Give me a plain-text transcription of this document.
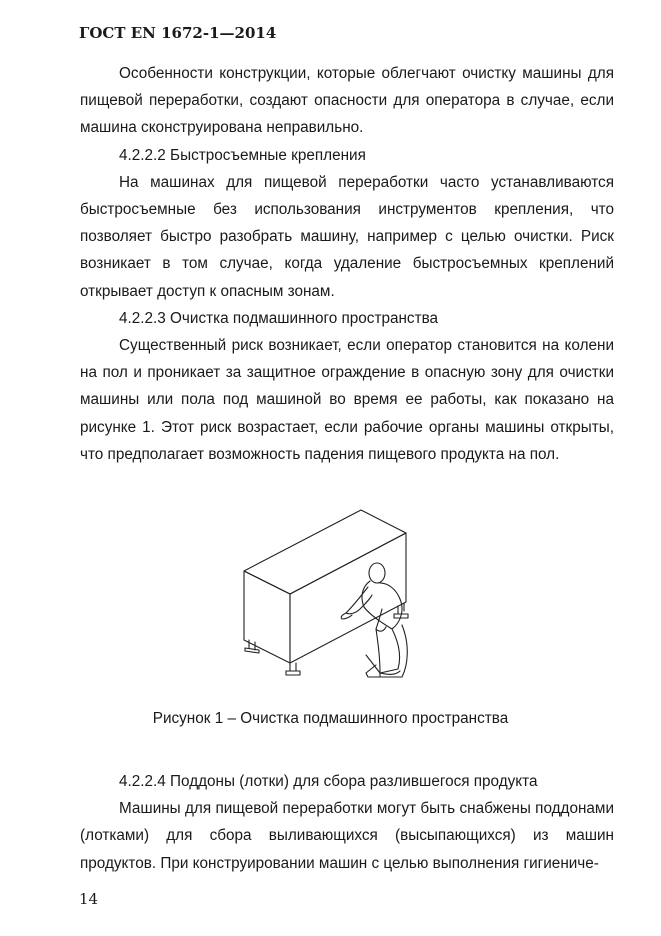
ГОСТ EN 1672-1—2014

Особенности конструкции, которые облегчают очистку машины для пищевой переработки, создают опасности для оператора в случае, если машина сконструирована неправильно.

4.2.2.2 Быстросъемные крепления

На машинах для пищевой переработки часто устанавливаются быстросъемные без использования инструментов крепления, что позволяет быстро разобрать машину, например с целью очистки. Риск возникает в том случае, когда удаление быстросъемных креплений открывает доступ к опасным зонам.

4.2.2.3 Очистка подмашинного пространства

Существенный риск возникает, если оператор становится на колени на пол и проникает за защитное ограждение в опасную зону для очистки машины или пола под машиной во время ее работы, как показано на рисунке 1. Этот риск возрастает, если рабочие органы машины открыты, что предполагает возможность падения пищевого продукта на пол.

Рисунок 1 – Очистка подмашинного пространства

4.2.2.4 Поддоны (лотки) для сбора разлившегося продукта

Машины для пищевой переработки могут быть снабжены поддонами (лотками) для сбора выливающихся (высыпающихся) из машин продуктов. При конструировании машин с целью выполнения гигиениче-

14
